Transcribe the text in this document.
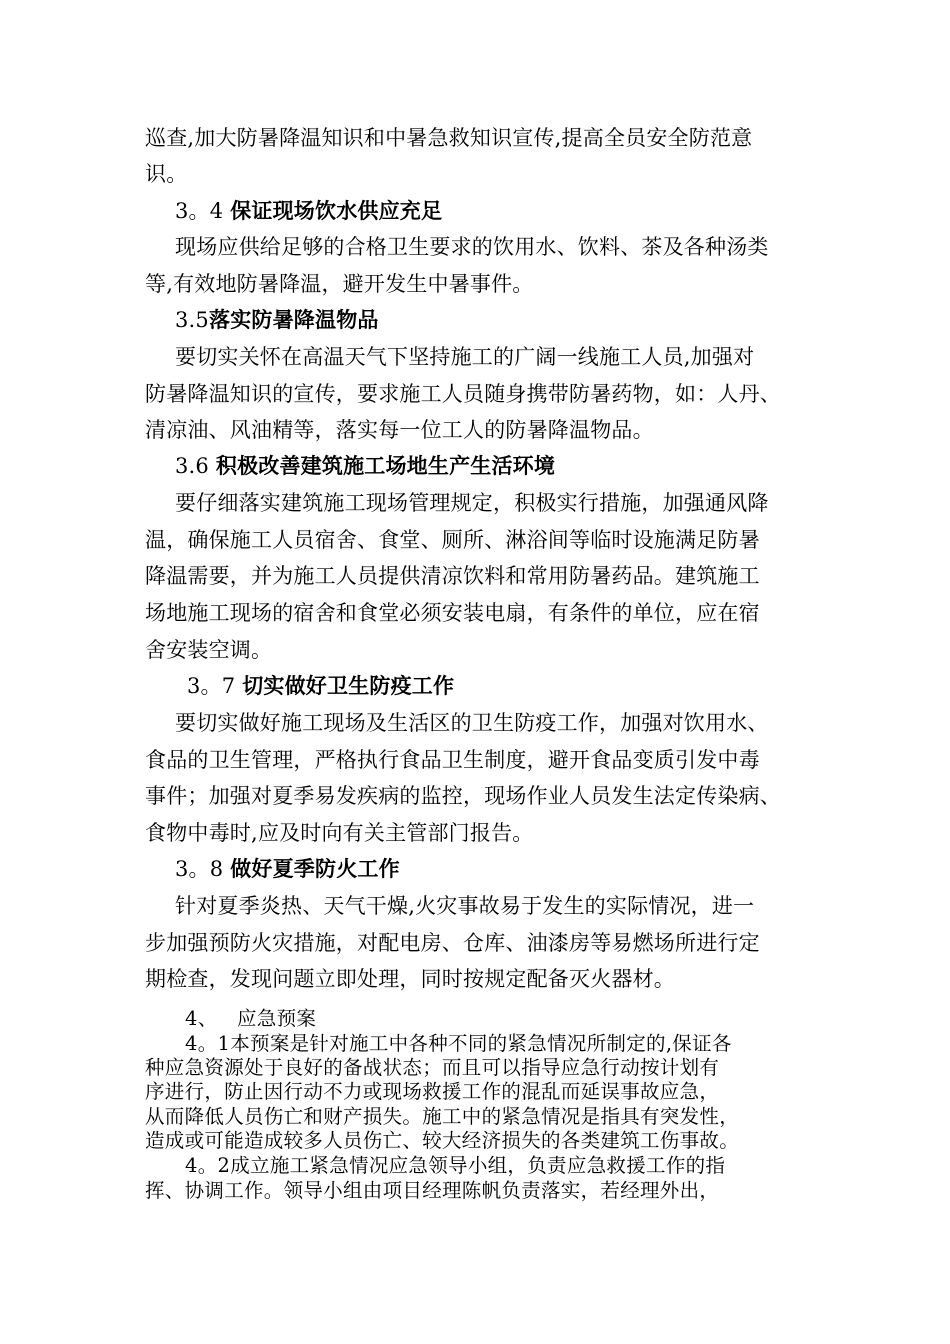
巡查,加大防暑降温知识和中暑急救知识宣传,提高全员安全防范意
识。
3。4 保证现场饮水供应充足
现场应供给足够的合格卫生要求的饮用水、饮料、茶及各种汤类
等,有效地防暑降温，避开发生中暑事件。
3.5落实防暑降温物品
要切实关怀在高温天气下坚持施工的广阔一线施工人员,加强对
防暑降温知识的宣传，要求施工人员随身携带防暑药物，如：人丹、
清凉油、风油精等，落实每一位工人的防暑降温物品。
3.6 积极改善建筑施工场地生产生活环境
要仔细落实建筑施工现场管理规定，积极实行措施，加强通风降
温，确保施工人员宿舍、食堂、厕所、淋浴间等临时设施满足防暑
降温需要，并为施工人员提供清凉饮料和常用防暑药品。建筑施工
场地施工现场的宿舍和食堂必须安装电扇，有条件的单位，应在宿
舍安装空调。
3。7 切实做好卫生防疫工作
要切实做好施工现场及生活区的卫生防疫工作，加强对饮用水、
食品的卫生管理，严格执行食品卫生制度，避开食品变质引发中毒
事件；加强对夏季易发疾病的监控，现场作业人员发生法定传染病、
食物中毒时,应及时向有关主管部门报告。
3。8 做好夏季防火工作
针对夏季炎热、天气干燥,火灾事故易于发生的实际情况，进一
步加强预防火灾措施，对配电房、仓库、油漆房等易燃场所进行定
期检查，发现问题立即处理，同时按规定配备灭火器材。
4、   应急预案
4。1本预案是针对施工中各种不同的紧急情况所制定的,保证各
种应急资源处于良好的备战状态；而且可以指导应急行动按计划有
序进行，防止因行动不力或现场救援工作的混乱而延误事故应急，
从而降低人员伤亡和财产损失。施工中的紧急情况是指具有突发性，
造成或可能造成较多人员伤亡、较大经济损失的各类建筑工伤事故。
4。2成立施工紧急情况应急领导小组，负责应急救援工作的指
挥、协调工作。领导小组由项目经理陈帆负责落实，若经理外出，
